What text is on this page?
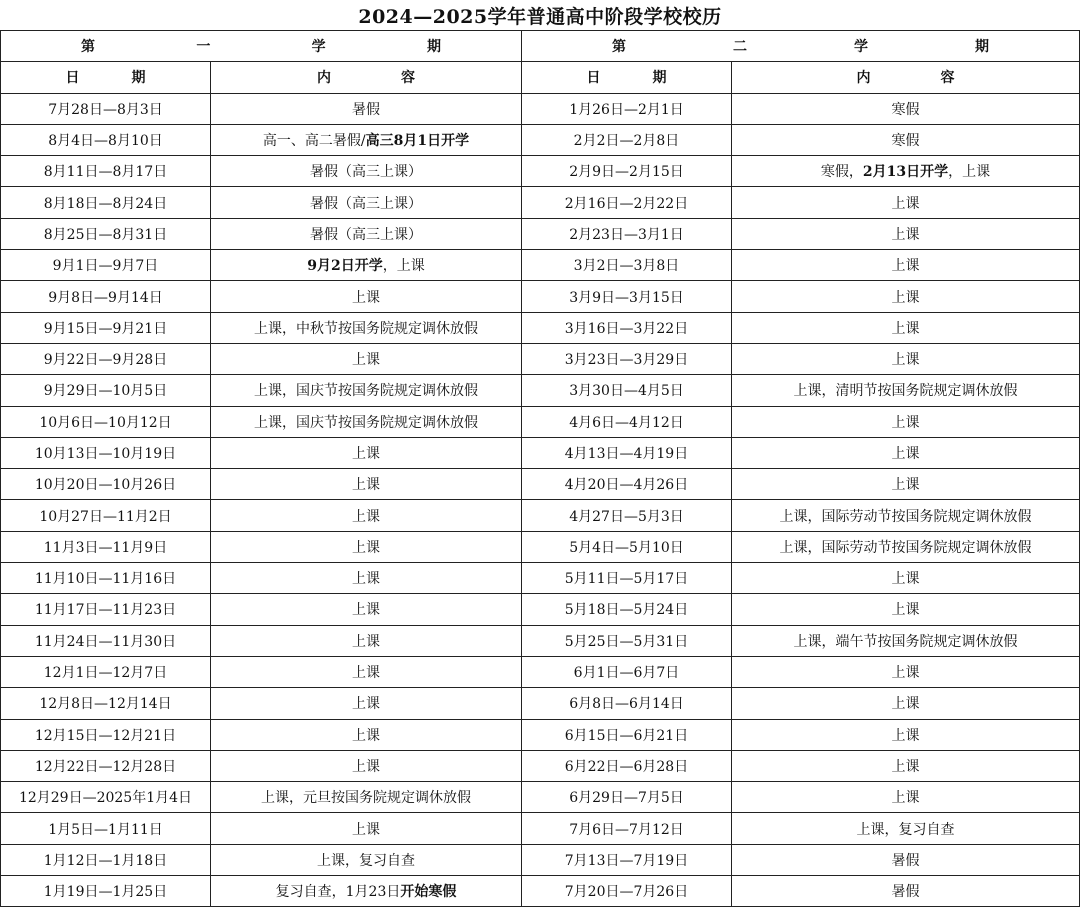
2024—2025学年普通高中阶段学校校历
第 一 学 期		第 二 学 期	

日期	内容	日期	内容
7月28日—8月3日	暑假	1月26日—2月1日	寒假
8月4日—8月10日	高一、高二暑假/高三8月1日开学	2月2日—2月8日	寒假
8月11日—8月17日	暑假（高三上课）	2月9日—2月15日	寒假，2月13日开学，上课
8月18日—8月24日	暑假（高三上课）	2月16日—2月22日	上课
8月25日—8月31日	暑假（高三上课）	2月23日—3月1日	上课
9月1日—9月7日	9月2日开学，上课	3月2日—3月8日	上课
9月8日—9月14日	上课	3月9日—3月15日	上课
9月15日—9月21日	上课，中秋节按国务院规定调休放假	3月16日—3月22日	上课
9月22日—9月28日	上课	3月23日—3月29日	上课
9月29日—10月5日	上课，国庆节按国务院规定调休放假	3月30日—4月5日	上课，清明节按国务院规定调休放假
10月6日—10月12日	上课，国庆节按国务院规定调休放假	4月6日—4月12日	上课
10月13日—10月19日	上课	4月13日—4月19日	上课
10月20日—10月26日	上课	4月20日—4月26日	上课
10月27日—11月2日	上课	4月27日—5月3日	上课，国际劳动节按国务院规定调休放假
11月3日—11月9日	上课	5月4日—5月10日	上课，国际劳动节按国务院规定调休放假
11月10日—11月16日	上课	5月11日—5月17日	上课
11月17日—11月23日	上课	5月18日—5月24日	上课
11月24日—11月30日	上课	5月25日—5月31日	上课，端午节按国务院规定调休放假
12月1日—12月7日	上课	6月1日—6月7日	上课
12月8日—12月14日	上课	6月8日—6月14日	上课
12月15日—12月21日	上课	6月15日—6月21日	上课
12月22日—12月28日	上课	6月22日—6月28日	上课
12月29日—2025年1月4日	上课，元旦按国务院规定调休放假	6月29日—7月5日	上课
1月5日—1月11日	上课	7月6日—7月12日	上课，复习自查
1月12日—1月18日	上课，复习自查	7月13日—7月19日	暑假
1月19日—1月25日	复习自查，1月23日开始寒假	7月20日—7月26日	暑假
